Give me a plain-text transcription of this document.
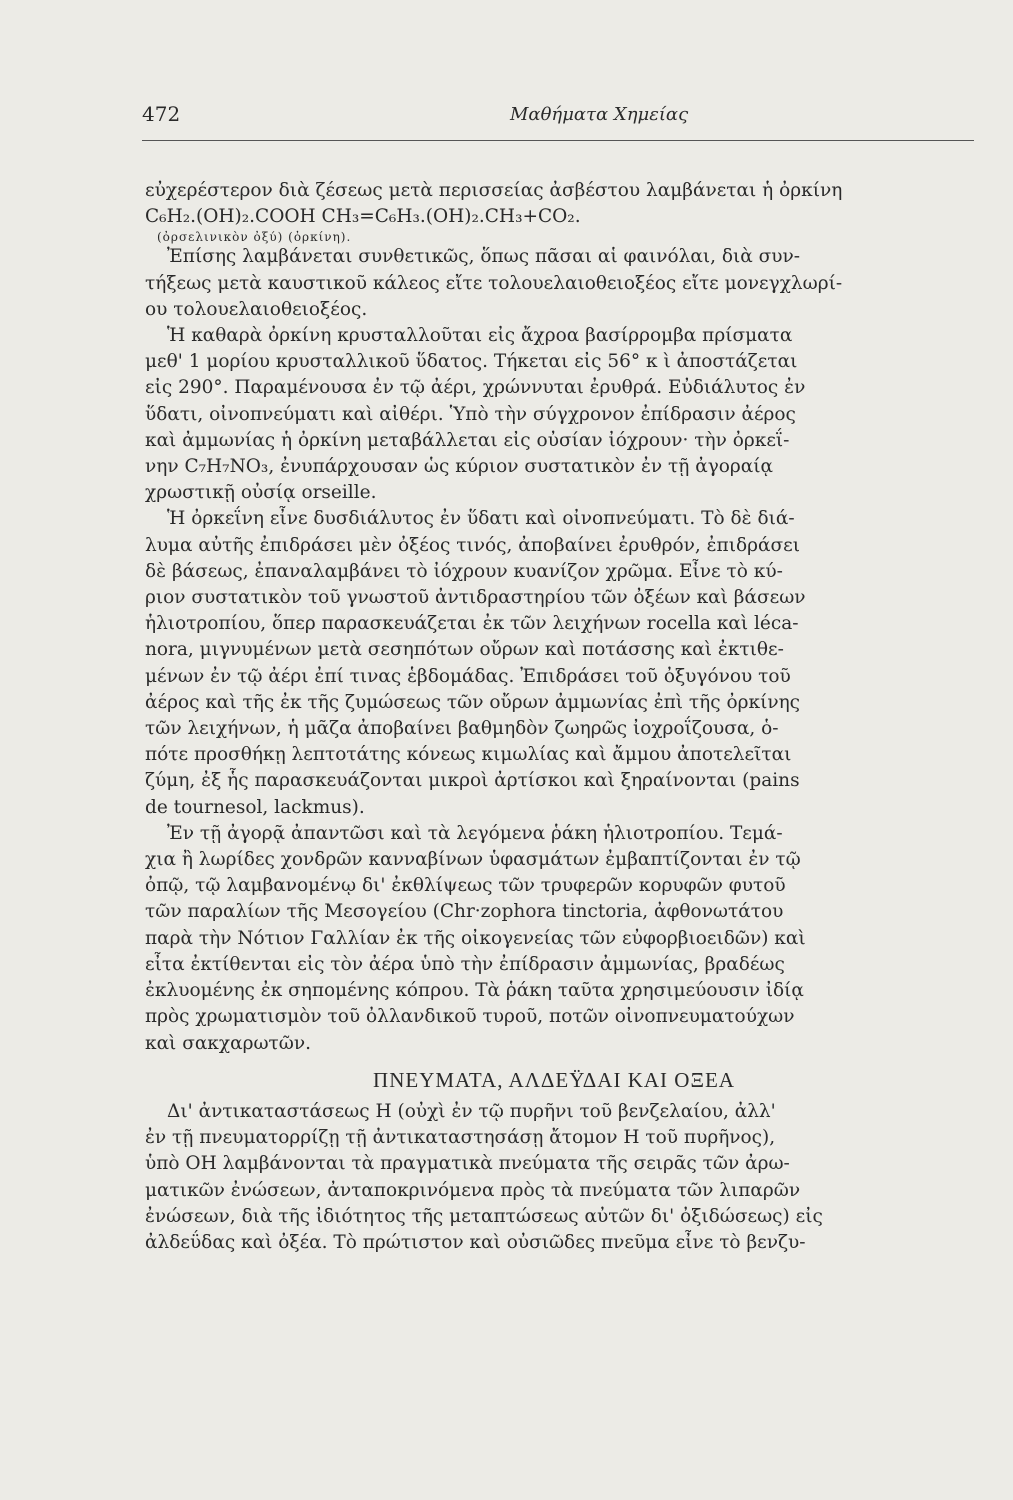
472	Μαθήματα Χημείας
εὐχερέστερον διὰ ζέσεως μετὰ περισσείας ἀσβέστου λαμβάνεται ἡ ὀρκίνη
C₆H₂.(OH)₂.COOH CH₃=C₆H₃.(OH)₂.CH₃+CO₂.
(ὀρσελινικὸν ὀξύ) (ὀρκίνη).
Ἐπίσης λαμβάνεται συνθετικῶς, ὅπως πᾶσαι αἱ φαινόλαι, διὰ συν-
τήξεως μετὰ καυστικοῦ κάλεος εἴτε τολουελαιοθειοξέος εἴτε μονεγχλωρί-
ου τολουελαιοθειοξέος.
Ἡ καθαρὰ ὀρκίνη κρυσταλλοῦται εἰς ἄχροα βασίρρομβα πρίσματα
μεθ' 1 μορίου κρυσταλλικοῦ ὕδατος. Τήκεται εἰς 56° κ ὶ ἀποστάζεται
εἰς 290°. Παραμένουσα ἐν τῷ ἀέρι, χρώννυται ἐρυθρά. Εὐδιάλυτος ἐν
ὕδατι, οἰνοπνεύματι καὶ αἰθέρι. Ὑπὸ τὴν σύγχρονον ἐπίδρασιν ἀέρος
καὶ ἀμμωνίας ἡ ὀρκίνη μεταβάλλεται εἰς οὐσίαν ἰόχρουν· τὴν ὀρκεΐ-
νην C₇H₇NO₃, ἐνυπάρχουσαν ὡς κύριον συστατικὸν ἐν τῇ ἀγοραίᾳ
χρωστικῇ οὐσίᾳ orseille.
Ἡ ὀρκεΐνη εἶνε δυσδιάλυτος ἐν ὕδατι καὶ οἰνοπνεύματι. Τὸ δὲ διά-
λυμα αὐτῆς ἐπιδράσει μὲν ὀξέος τινός, ἀποβαίνει ἐρυθρόν, ἐπιδράσει
δὲ βάσεως, ἐπαναλαμβάνει τὸ ἰόχρουν κυανίζον χρῶμα. Εἶνε τὸ κύ-
ριον συστατικὸν τοῦ γνωστοῦ ἀντιδραστηρίου τῶν ὀξέων καὶ βάσεων
ἡλιοτροπίου, ὅπερ παρασκευάζεται ἐκ τῶν λειχήνων rocella καὶ léca-
nora, μιγνυμένων μετὰ σεσηπότων οὔρων καὶ ποτάσσης καὶ ἐκτιθε-
μένων ἐν τῷ ἀέρι ἐπί τινας ἑβδομάδας. Ἐπιδράσει τοῦ ὀξυγόνου τοῦ
ἀέρος καὶ τῆς ἐκ τῆς ζυμώσεως τῶν οὔρων ἀμμωνίας ἐπὶ τῆς ὀρκίνης
τῶν λειχήνων, ἡ μᾶζα ἀποβαίνει βαθμηδὸν ζωηρῶς ἰοχροΐζουσα, ὁ-
πότε προσθήκῃ λεπτοτάτης κόνεως κιμωλίας καὶ ἄμμου ἀποτελεῖται
ζύμη, ἐξ ἧς παρασκευάζονται μικροὶ ἀρτίσκοι καὶ ξηραίνονται (pains
de tournesol, lackmus).
Ἐν τῇ ἀγορᾷ ἀπαντῶσι καὶ τὰ λεγόμενα ῥάκη ἡλιοτροπίου. Τεμά-
χια ἢ λωρίδες χονδρῶν κανναβίνων ὑφασμάτων ἐμβαπτίζονται ἐν τῷ
ὀπῷ, τῷ λαμβανομένῳ δι' ἐκθλίψεως τῶν τρυφερῶν κορυφῶν φυτοῦ
τῶν παραλίων τῆς Μεσογείου (Chr·zophora tinctoria, ἀφθονωτάτου
παρὰ τὴν Νότιον Γαλλίαν ἐκ τῆς οἰκογενείας τῶν εὐφορβιοειδῶν) καὶ
εἶτα ἐκτίθενται εἰς τὸν ἀέρα ὑπὸ τὴν ἐπίδρασιν ἀμμωνίας, βραδέως
ἐκλυομένης ἐκ σηπομένης κόπρου. Τὰ ῥάκη ταῦτα χρησιμεύουσιν ἰδίᾳ
πρὸς χρωματισμὸν τοῦ ὀλλανδικοῦ τυροῦ, ποτῶν οἰνοπνευματούχων
καὶ σακχαρωτῶν.
ΠΝΕΥΜΑΤΑ, ΑΛΔΕΫΔΑΙ ΚΑΙ ΟΞΕΑ
Δι' ἀντικαταστάσεως Η (οὐχὶ ἐν τῷ πυρῆνι τοῦ βενζελαίου, ἀλλ'
ἐν τῇ πνευματορρίζῃ τῇ ἀντικαταστησάσῃ ἄτομον Η τοῦ πυρῆνος),
ὑπὸ ΟΗ λαμβάνονται τὰ πραγματικὰ πνεύματα τῆς σειρᾶς τῶν ἀρω-
ματικῶν ἐνώσεων, ἀνταποκρινόμενα πρὸς τὰ πνεύματα τῶν λιπαρῶν
ἐνώσεων, διὰ τῆς ἰδιότητος τῆς μεταπτώσεως αὐτῶν δι' ὀξιδώσεως) εἰς
ἀλδεΰδας καὶ ὀξέα. Τὸ πρώτιστον καὶ οὐσιῶδες πνεῦμα εἶνε τὸ βενζυ-
